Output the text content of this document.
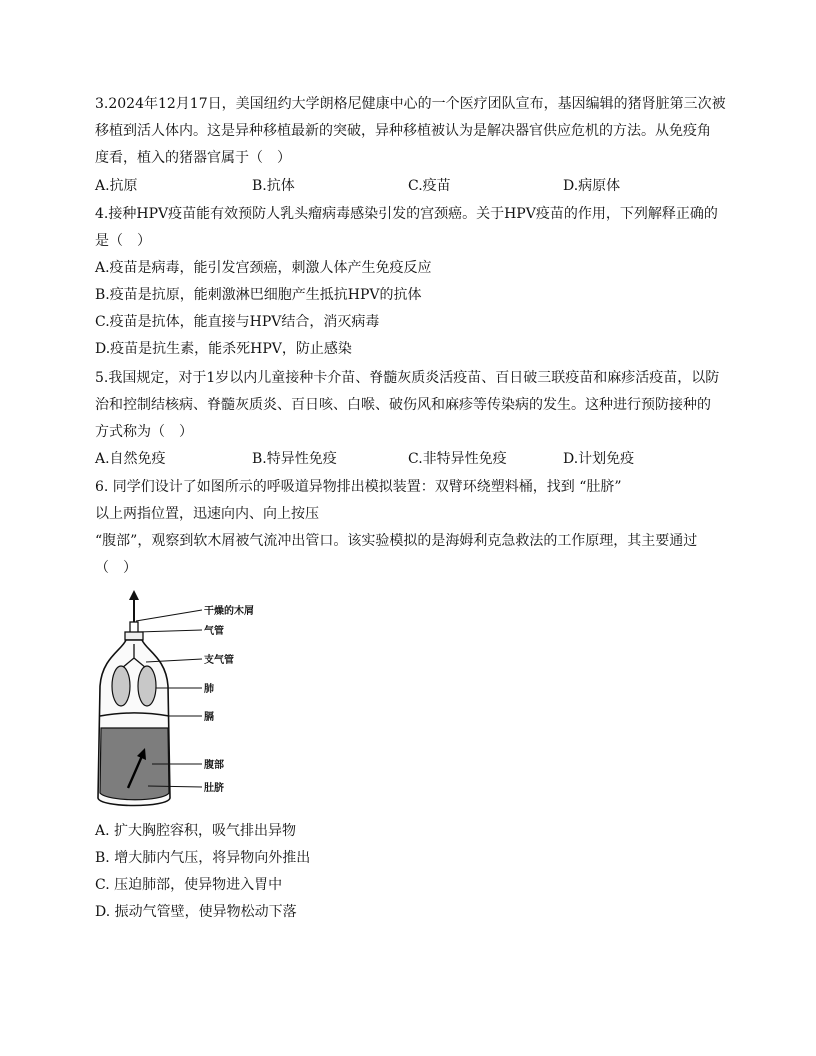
3.2024年12月17日，美国纽约大学朗格尼健康中心的一个医疗团队宣布，基因编辑的猪肾脏第三次被
移植到活人体内。这是异种移植最新的突破，异种移植被认为是解决器官供应危机的方法。从免疫角
度看，植入的猪器官属于（　）
A.抗原	B.抗体	C.疫苗	D.病原体
4.接种HPV疫苗能有效预防人乳头瘤病毒感染引发的宫颈癌。关于HPV疫苗的作用，下列解释正确的
是（　）
A.疫苗是病毒，能引发宫颈癌，刺激人体产生免疫反应
B.疫苗是抗原，能刺激淋巴细胞产生抵抗HPV的抗体
C.疫苗是抗体，能直接与HPV结合，消灭病毒
D.疫苗是抗生素，能杀死HPV，防止感染
5.我国规定，对于1岁以内儿童接种卡介苗、脊髓灰质炎活疫苗、百日破三联疫苗和麻疹活疫苗，以防
治和控制结核病、脊髓灰质炎、百日咳、白喉、破伤风和麻疹等传染病的发生。这种进行预防接种的
方式称为（　）
A.自然免疫	B.特异性免疫	C.非特异性免疫	D.计划免疫
6. 同学们设计了如图所示的呼吸道异物排出模拟装置：双臂环绕塑料桶，找到 “肚脐”
以上两指位置，迅速向内、向上按压
“腹部”，观察到软木屑被气流冲出管口。该实验模拟的是海姆利克急救法的工作原理，其主要通过
（　）
干燥的木屑
气管
支气管
肺
膈
腹部
肚脐
A. 扩大胸腔容积，吸气排出异物
B. 增大肺内气压，将异物向外推出
C. 压迫肺部，使异物进入胃中
D. 振动气管壁，使异物松动下落
